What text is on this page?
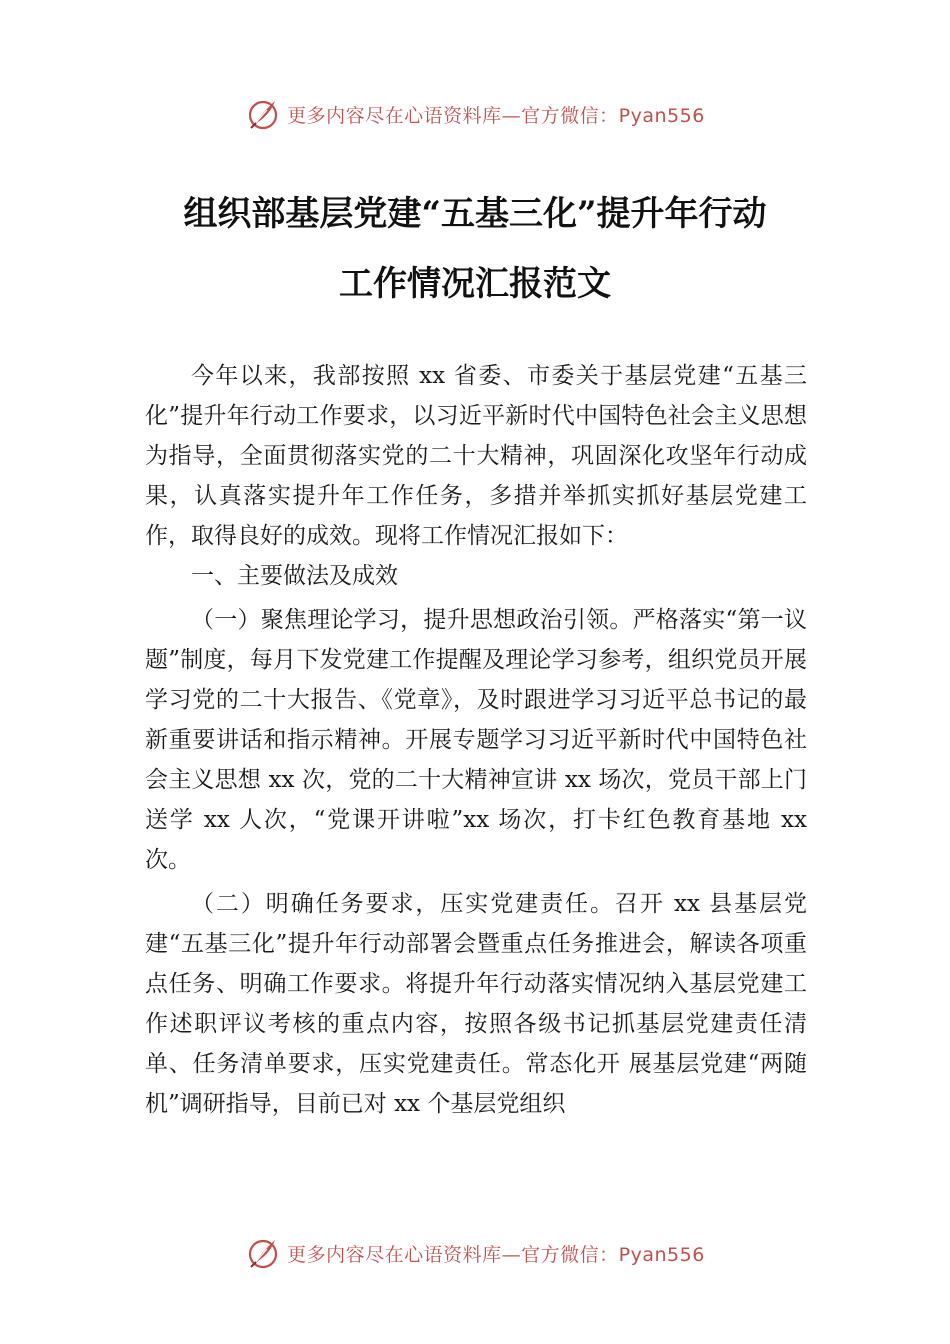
更多内容尽在心语资料库—官方微信：Pyan556
组织部基层党建“五基三化”提升年行动
工作情况汇报范文

今年以来，我部按照 xx 省委、市委关于基层党建“五基三化”提升年行动工作要求，以习近平新时代中国特色社会主义思想为指导，全面贯彻落实党的二十大精神，巩固深化攻坚年行动成果，认真落实提升年工作任务，多措并举抓实抓好基层党建工作，取得良好的成效。现将工作情况汇报如下：

一、主要做法及成效

（一）聚焦理论学习，提升思想政治引领。严格落实“第一议题”制度，每月下发党建工作提醒及理论学习参考，组织党员开展学习党的二十大报告、《党章》，及时跟进学习习近平总书记的最新重要讲话和指示精神。开展专题学习习近平新时代中国特色社会主义思想 xx 次，党的二十大精神宣讲 xx 场次，党员干部上门送学 xx 人次，“党课开讲啦”xx 场次，打卡红色教育基地 xx 次。

（二）明确任务要求，压实党建责任。召开 xx 县基层党建“五基三化”提升年行动部署会暨重点任务推进会，解读各项重点任务、明确工作要求。将提升年行动落实情况纳入基层党建工作述职评议考核的重点内容，按照各级书记抓基层党建责任清单、任务清单要求，压实党建责任。常态化开 展基层党建“两随机”调研指导，目前已对 xx 个基层党组织

更多内容尽在心语资料库—官方微信：Pyan556
